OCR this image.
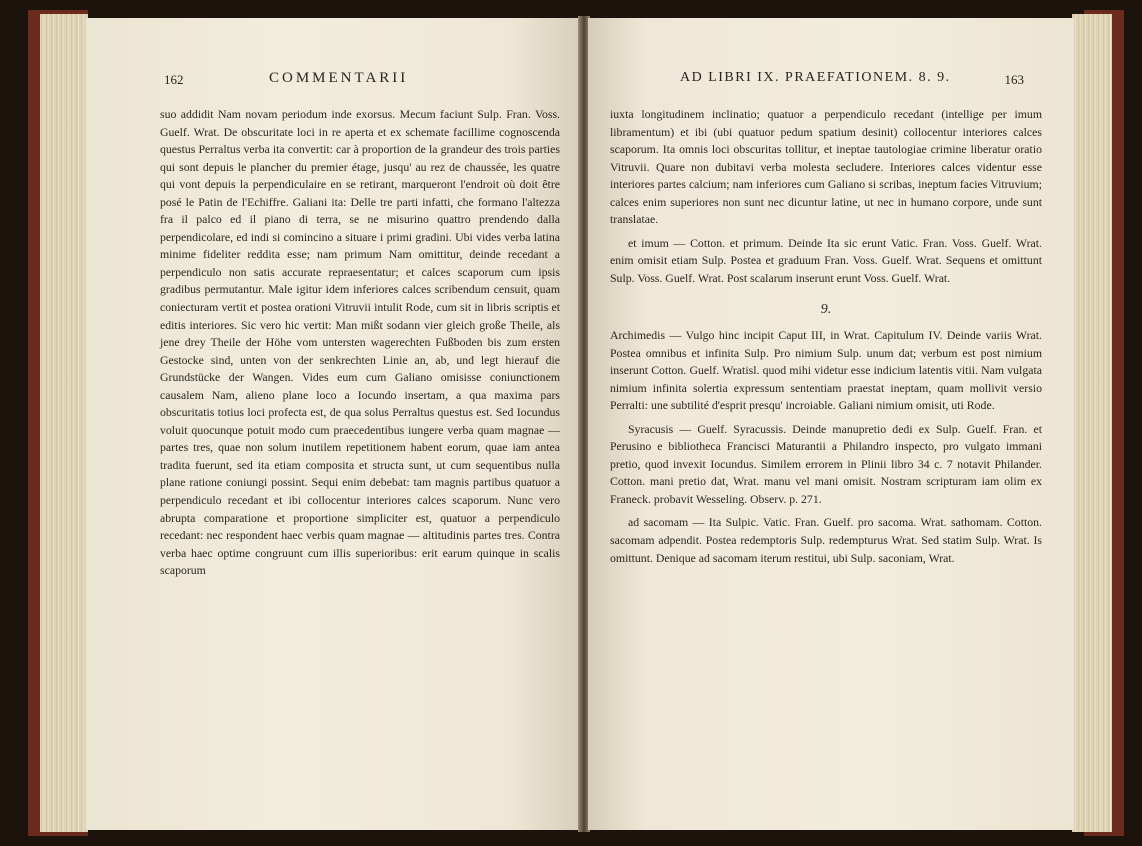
162	COMMENTARII

suo addidit Nam novam periodum inde exorsus. Mecum faciunt Sulp. Fran. Voss. Guelf. Wrat. De obscuritate loci in re aperta et ex schemate facillime cognoscenda questus Perraltus verba ita convertit: car à proportion de la grandeur des trois parties qui sont depuis le plancher du premier étage, jusqu' au rez de chaussée, les quatre qui vont depuis la perpendiculaire en se retirant, marqueront l'endroit où doit être posé le Patin de l'Echiffre. Galiani ita: Delle tre parti infatti, che formano l'altezza fra il palco ed il piano di terra, se ne misurino quattro prendendo dalla perpendicolare, ed indi si comincino a situare i primi gradini. Ubi vides verba latina minime fideliter reddita esse; nam primum Nam omittitur, deinde recedant a perpendiculo non satis accurate repraesentatur; et calces scaporum cum ipsis gradibus permutantur. Male igitur idem inferiores calces scribendum censuit, quam coniecturam vertit et postea orationi Vitruvii intulit Rode, cum sit in libris scriptis et editis interiores. Sic vero hic vertit: Man mißt sodann vier gleich große Theile, als jene drey Theile der Höhe vom untersten wagerechten Fußboden bis zum ersten Gestocke sind, unten von der senkrechten Linie an, ab, und legt hierauf die Grundstücke der Wangen. Vides eum cum Galiano omisisse coniunctionem causalem Nam, alieno plane loco a Iocundo insertam, a qua maxima pars obscuritatis totius loci profecta est, de qua solus Perraltus questus est. Sed Iocundus voluit quocunque potuit modo cum praecedentibus iungere verba quam magnae — partes tres, quae non solum inutilem repetitionem habent eorum, quae iam antea tradita fuerunt, sed ita etiam composita et structa sunt, ut cum sequentibus nulla plane ratione coniungi possint. Sequi enim debebat: tam magnis partibus quatuor a perpendiculo recedant et ibi collocentur interiores calces scaporum. Nunc vero abrupta comparatione et proportione simpliciter est, quatuor a perpendiculo recedant: nec respondent haec verbis quam magnae — altitudinis partes tres. Contra verba haec optime congruunt cum illis superioribus: erit earum quinque in scalis scaporum

AD LIBRI IX. PRAEFATIONEM. 8. 9.	163

iuxta longitudinem inclinatio; quatuor a perpendiculo recedant (intellige per imum libramentum) et ibi (ubi quatuor pedum spatium desinit) collocentur interiores calces scaporum. Ita omnis loci obscuritas tollitur, et ineptae tautologiae crimine liberatur oratio Vitruvii. Quare non dubitavi verba molesta secludere. Interiores calces videntur esse interiores partes calcium; nam inferiores cum Galiano si scribas, ineptum facies Vitruvium; calces enim superiores non sunt nec dicuntur latine, ut nec in humano corpore, unde sunt translatae.

et imum — Cotton. et primum. Deinde Ita sic erunt Vatic. Fran. Voss. Guelf. Wrat. enim omisit etiam Sulp. Postea et graduum Fran. Voss. Guelf. Wrat. Sequens et omittunt Sulp. Voss. Guelf. Wrat. Post scalarum inserunt erunt Voss. Guelf. Wrat.

9.

Archimedis — Vulgo hinc incipit Caput III, in Wrat. Capitulum IV. Deinde variis Wrat. Postea omnibus et infinita Sulp. Pro nimium Sulp. unum dat; verbum est post nimium inserunt Cotton. Guelf. Wratisl. quod mihi videtur esse indicium latentis vitii. Nam vulgata nimium infinita solertia expressum sententiam praestat ineptam, quam mollivit versio Perralti: une subtilité d'esprit presqu' incroiable. Galiani nimium omisit, uti Rode.

Syracusis — Guelf. Syracussis. Deinde manupretio dedi ex Sulp. Guelf. Fran. et Perusino e bibliotheca Francisci Maturantii a Philandro inspecto, pro vulgato immani pretio, quod invexit Iocundus. Similem errorem in Plinii libro 34 c. 7 notavit Philander. Cotton. mani pretio dat, Wrat. manu vel mani omisit. Nostram scripturam iam olim ex Franeck. probavit Wesseling. Observ. p. 271.

ad sacomam — Ita Sulpic. Vatic. Fran. Guelf. pro sacoma. Wrat. sathomam. Cotton. sacomam adpendit. Postea redemptoris Sulp. redempturus Wrat. Sed statim Sulp. Wrat. Is omittunt. Denique ad sacomam iterum restitui, ubi Sulp. saconiam, Wrat.
